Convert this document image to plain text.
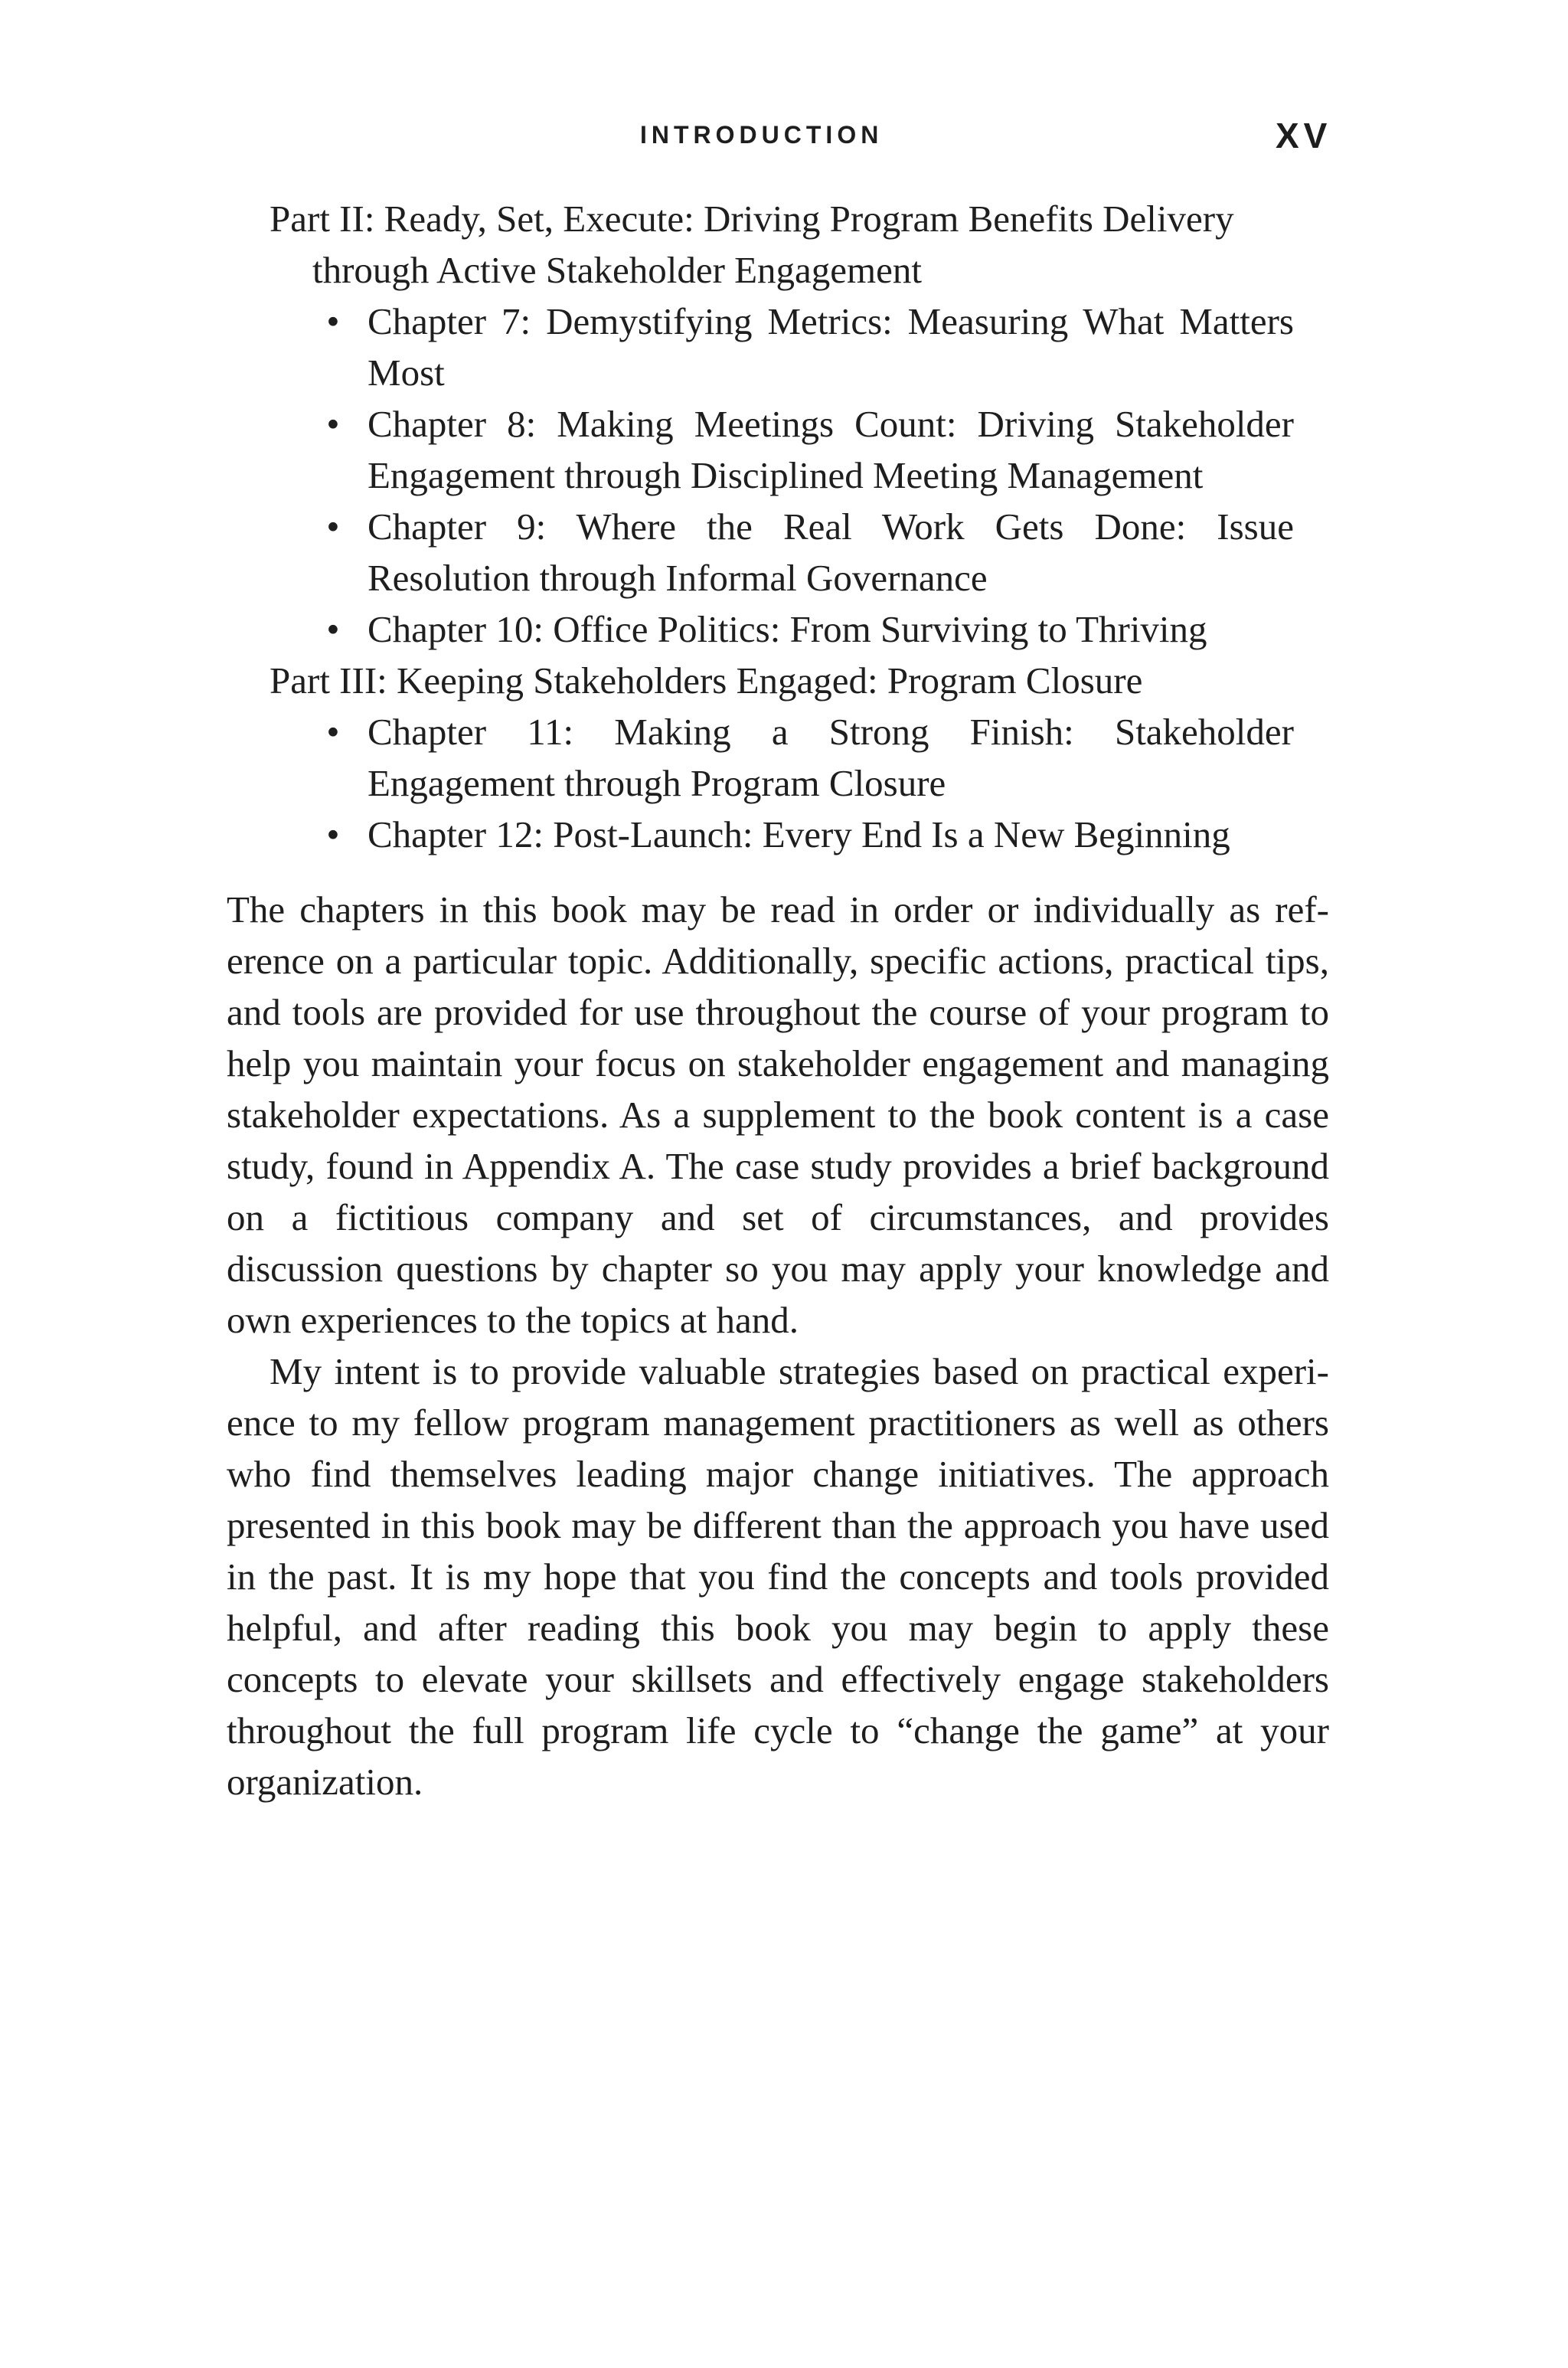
INTRODUCTION	XV

Part II: Ready, Set, Execute: Driving Program Benefits Delivery through Active Stakeholder Engagement

• Chapter 7: Demystifying Metrics: Measuring What Matters Most
• Chapter 8: Making Meetings Count: Driving Stakeholder Engagement through Disciplined Meeting Management
• Chapter 9: Where the Real Work Gets Done: Issue Resolution through Informal Governance
• Chapter 10: Office Politics: From Surviving to Thriving

Part III: Keeping Stakeholders Engaged: Program Closure

• Chapter 11: Making a Strong Finish: Stakeholder Engagement through Program Closure
• Chapter 12: Post-Launch: Every End Is a New Beginning

The chapters in this book may be read in order or individually as reference on a particular topic. Additionally, specific actions, practical tips, and tools are provided for use throughout the course of your program to help you maintain your focus on stakeholder engagement and managing stakeholder expectations. As a supplement to the book content is a case study, found in Appendix A. The case study provides a brief background on a fictitious company and set of circumstances, and provides discussion questions by chapter so you may apply your knowledge and own experiences to the topics at hand.

My intent is to provide valuable strategies based on practical experience to my fellow program management practitioners as well as others who find themselves leading major change initiatives. The approach presented in this book may be different than the approach you have used in the past. It is my hope that you find the concepts and tools provided helpful, and after reading this book you may begin to apply these concepts to elevate your skillsets and effectively engage stakeholders throughout the full program life cycle to “change the game” at your organization.
